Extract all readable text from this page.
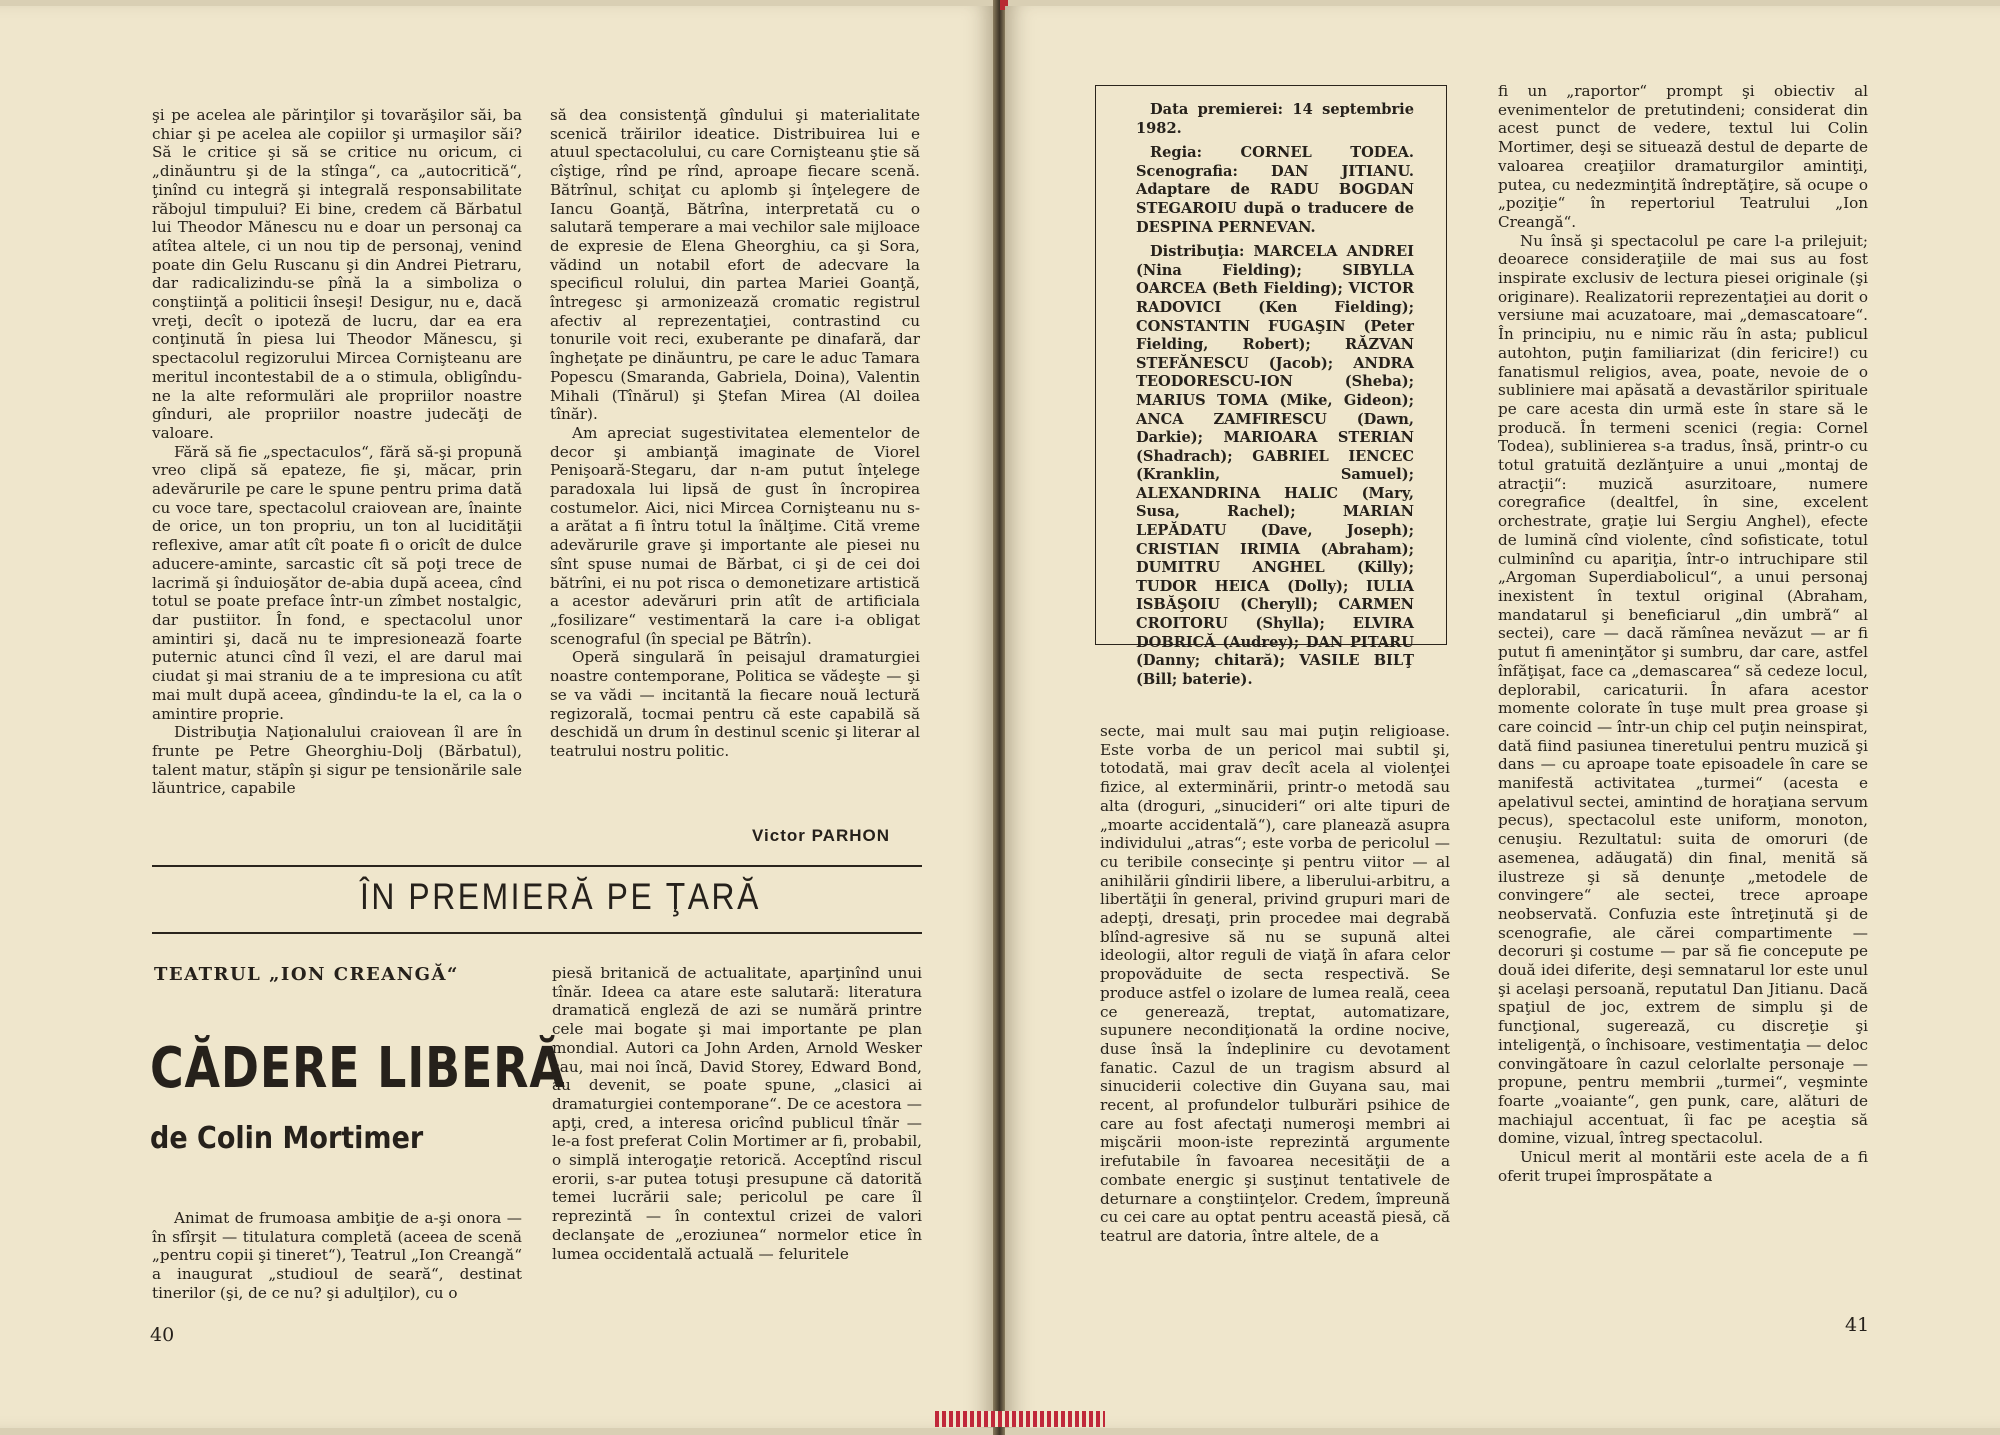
şi pe acelea ale părinţilor şi tovarăşilor săi, ba chiar şi pe acelea ale copiilor şi urmaşilor săi? Să le critice şi să se critice nu oricum, ci „dinăuntru şi de la stînga“, ca „autocritică“, ţinînd cu integră şi integrală responsabilitate răbojul timpului? Ei bine, credem că Bărbatul lui Theodor Mănescu nu e doar un personaj ca atîtea altele, ci un nou tip de personaj, venind poate din Gelu Ruscanu şi din Andrei Pietraru, dar radicalizindu-se pînă la a simboliza o conştiinţă a politicii înseşi! Desigur, nu e, dacă vreţi, decît o ipoteză de lucru, dar ea era conţinută în piesa lui Theodor Mănescu, şi spectacolul regizorului Mircea Cornişteanu are meritul incontestabil de a o stimula, obligîndu-ne la alte reformulări ale propriilor noastre gînduri, ale propriilor noastre judecăţi de valoare.

Fără să fie „spectaculos“, fără să-şi propună vreo clipă să epateze, fie şi, măcar, prin adevărurile pe care le spune pentru prima dată cu voce tare, spectacolul craiovean are, înainte de orice, un ton propriu, un ton al lucidităţii reflexive, amar atît cît poate fi o oricît de dulce aducere-aminte, sarcastic cît să poţi trece de lacrimă şi înduioşător de-abia după aceea, cînd totul se poate preface într-un zîmbet nostalgic, dar pustiitor. În fond, e spectacolul unor amintiri şi, dacă nu te impresionează foarte puternic atunci cînd îl vezi, el are darul mai ciudat şi mai straniu de a te impresiona cu atît mai mult după aceea, gîndindu-te la el, ca la o amintire proprie.

Distribuţia Naţionalului craiovean îl are în frunte pe Petre Gheorghiu-Dolj (Bărbatul), talent matur, stăpîn şi sigur pe tensionările sale lăuntrice, capabile

să dea consistenţă gîndului şi materialitate scenică trăirilor ideatice. Distribuirea lui e atuul spectacolului, cu care Cornişteanu ştie să cîştige, rînd pe rînd, aproape fiecare scenă. Bătrînul, schiţat cu aplomb şi înţelegere de Iancu Goanţă, Bătrîna, interpretată cu o salutară temperare a mai vechilor sale mijloace de expresie de Elena Gheorghiu, ca şi Sora, vădind un notabil efort de adecvare la specificul rolului, din partea Mariei Goanţă, întregesc şi armonizează cromatic registrul afectiv al reprezentaţiei, contrastind cu tonurile voit reci, exuberante pe dinafară, dar îngheţate pe dinăuntru, pe care le aduc Tamara Popescu (Smaranda, Gabriela, Doina), Valentin Mihali (Tînărul) şi Ştefan Mirea (Al doilea tînăr).

Am apreciat sugestivitatea elementelor de decor şi ambianţă imaginate de Viorel Penişoară-Stegaru, dar n-am putut înţelege paradoxala lui lipsă de gust în încropirea costumelor. Aici, nici Mircea Cornişteanu nu s-a arătat a fi întru totul la înălţime. Cită vreme adevărurile grave şi importante ale piesei nu sînt spuse numai de Bărbat, ci şi de cei doi bătrîni, ei nu pot risca o demonetizare artistică a acestor adevăruri prin atît de artificiala „fosilizare“ vestimentară la care i-a obligat scenograful (în special pe Bătrîn).

Operă singulară în peisajul dramaturgiei noastre contemporane, Politica se vădeşte — şi se va vădi — incitantă la fiecare nouă lectură regizorală, tocmai pentru că este capabilă să deschidă un drum în destinul scenic şi literar al teatrului nostru politic.

Victor PARHON
ÎN PREMIERĂ PE ŢARĂ
TEATRUL „ION CREANGĂ“
CĂDERE LIBERĂ
de Colin Mortimer

Animat de frumoasa ambiţie de a-şi onora — în sfîrşit — titulatura completă (aceea de scenă „pentru copii şi tineret“), Teatrul „Ion Creangă“ a inaugurat „studioul de seară“, destinat tinerilor (şi, de ce nu? şi adulţilor), cu o

piesă britanică de actualitate, aparţinînd unui tînăr. Ideea ca atare este salutară: literatura dramatică engleză de azi se numără printre cele mai bogate şi mai importante pe plan mondial. Autori ca John Arden, Arnold Wesker sau, mai noi încă, David Storey, Edward Bond, au devenit, se poate spune, „clasici ai dramaturgiei contemporane“. De ce acestora — apţi, cred, a interesa oricînd publicul tînăr — le-a fost preferat Colin Mortimer ar fi, probabil, o simplă interogaţie retorică. Acceptînd riscul erorii, s-ar putea totuşi presupune că datorită temei lucrării sale; pericolul pe care îl reprezintă — în contextul crizei de valori declanşate de „eroziunea“ normelor etice în lumea occidentală actuală — feluritele

40	41

Data premierei: 14 septembrie 1982.

Regia: CORNEL TODEA. Scenografia: DAN JITIANU. Adaptare de RADU BOGDAN STEGAROIU după o traducere de DESPINA PERNEVAN.

Distribuţia: MARCELA ANDREI (Nina Fielding); SIBYLLA OARCEA (Beth Fielding); VICTOR RADOVICI (Ken Fielding); CONSTANTIN FUGAŞIN (Peter Fielding, Robert); RĂZVAN STEFĂNESCU (Jacob); ANDRA TEODORESCU-ION (Sheba); MARIUS TOMA (Mike, Gideon); ANCA ZAMFIRESCU (Dawn, Darkie); MARIOARA STERIAN (Shadrach); GABRIEL IENCEC (Kranklin, Samuel); ALEXANDRINA HALIC (Mary, Susa, Rachel); MARIAN LEPĂDATU (Dave, Joseph); CRISTIAN IRIMIA (Abraham); DUMITRU ANGHEL (Killy); TUDOR HEICA (Dolly); IULIA ISBĂŞOIU (Cheryll); CARMEN CROITORU (Shylla); ELVIRA DOBRICĂ (Audrey); DAN PITARU (Danny; chitară); VASILE BILŢ (Bill; baterie).

secte, mai mult sau mai puţin religioase. Este vorba de un pericol mai subtil şi, totodată, mai grav decît acela al violenţei fizice, al exterminării, printr-o metodă sau alta (droguri, „sinucideri“ ori alte tipuri de „moarte accidentală“), care planează asupra individului „atras“; este vorba de pericolul — cu teribile consecinţe şi pentru viitor — al anihilării gîndirii libere, a liberului-arbitru, a libertăţii în general, privind grupuri mari de adepţi, dresaţi, prin procedee mai degrabă blînd-agresive să nu se supună altei ideologii, altor reguli de viaţă în afara celor propovăduite de secta respectivă. Se produce astfel o izolare de lumea reală, ceea ce generează, treptat, automatizare, supunere necondiţionată la ordine nocive, duse însă la îndeplinire cu devotament fanatic. Cazul de un tragism absurd al sinuciderii colective din Guyana sau, mai recent, al profundelor tulburări psihice de care au fost afectaţi numeroşi membri ai mişcării moon-iste reprezintă argumente irefutabile în favoarea necesităţii de a combate energic şi susţinut tentativele de deturnare a conştiinţelor. Credem, împreună cu cei care au optat pentru această piesă, că teatrul are datoria, între altele, de a

fi un „raportor“ prompt şi obiectiv al evenimentelor de pretutindeni; considerat din acest punct de vedere, textul lui Colin Mortimer, deşi se situează destul de departe de valoarea creaţiilor dramaturgilor amintiţi, putea, cu nedezminţită îndreptăţire, să ocupe o „poziţie“ în repertoriul Teatrului „Ion Creangă“.

Nu însă şi spectacolul pe care l-a prilejuit; deoarece consideraţiile de mai sus au fost inspirate exclusiv de lectura piesei originale (şi originare). Realizatorii reprezentaţiei au dorit o versiune mai acuzatoare, mai „demascatoare“. În principiu, nu e nimic rău în asta; publicul autohton, puţin familiarizat (din fericire!) cu fanatismul religios, avea, poate, nevoie de o subliniere mai apăsată a devastărilor spirituale pe care acesta din urmă este în stare să le producă. În termeni scenici (regia: Cornel Todea), sublinierea s-a tradus, însă, printr-o cu totul gratuită dezlănţuire a unui „montaj de atracţii“: muzică asurzitoare, numere coregrafice (dealtfel, în sine, excelent orchestrate, graţie lui Sergiu Anghel), efecte de lumină cînd violente, cînd sofisticate, totul culminînd cu apariţia, într-o intruchipare stil „Argoman Superdiabolicul“, a unui personaj inexistent în textul original (Abraham, mandatarul şi beneficiarul „din umbră“ al sectei), care — dacă rămînea nevăzut — ar fi putut fi ameninţător şi sumbru, dar care, astfel înfăţişat, face ca „demascarea“ să cedeze locul, deplorabil, caricaturii. În afara acestor momente colorate în tuşe mult prea groase şi care coincid — într-un chip cel puţin neinspirat, dată fiind pasiunea tineretului pentru muzică şi dans — cu aproape toate episoadele în care se manifestă activitatea „turmei“ (acesta e apelativul sectei, amintind de horaţiana servum pecus), spectacolul este uniform, monoton, cenuşiu. Rezultatul: suita de omoruri (de asemenea, adăugată) din final, menită să ilustreze şi să denunţe „metodele de convingere“ ale sectei, trece aproape neobservată. Confuzia este întreţinută şi de scenografie, ale cărei compartimente — decoruri şi costume — par să fie concepute pe două idei diferite, deşi semnatarul lor este unul şi acelaşi persoană, reputatul Dan Jitianu. Dacă spaţiul de joc, extrem de simplu şi de funcţional, sugerează, cu discreţie şi inteligenţă, o închisoare, vestimentaţia — deloc convingătoare în cazul celorlalte personaje — propune, pentru membrii „turmei“, veşminte foarte „voaiante“, gen punk, care, alături de machiajul accentuat, îi fac pe aceştia să domine, vizual, întreg spectacolul.

Unicul merit al montării este acela de a fi oferit trupei împrospătate a
